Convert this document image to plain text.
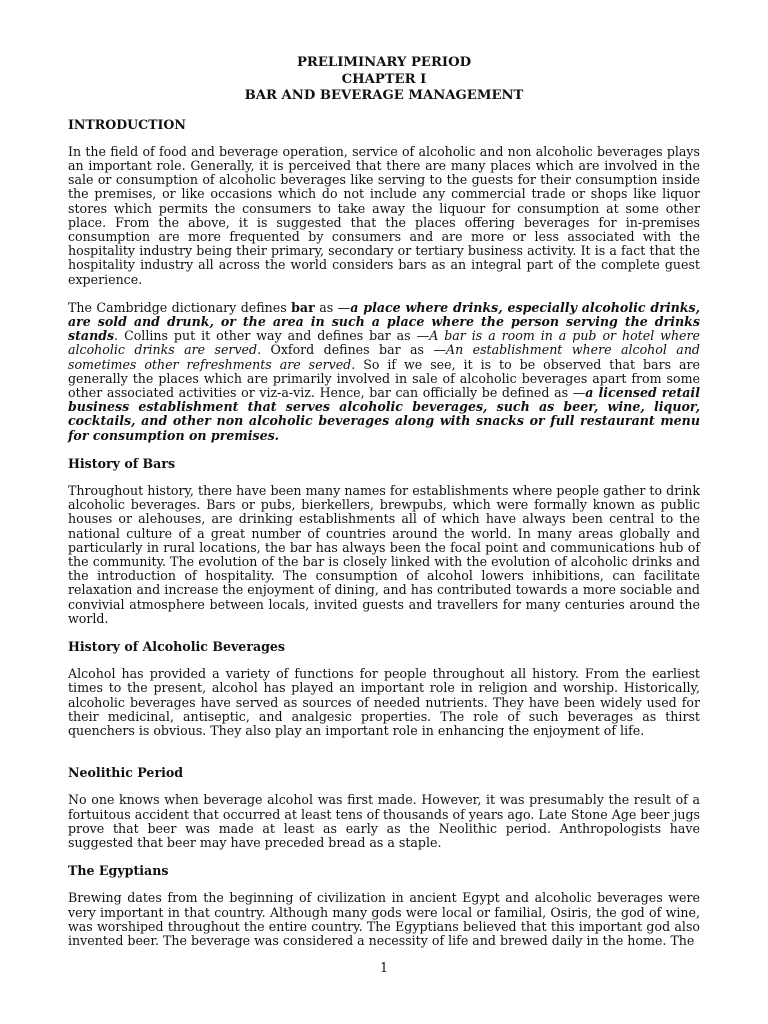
PRELIMINARY PERIOD
CHAPTER I
BAR AND BEVERAGE MANAGEMENT
INTRODUCTION

In the field of food and beverage operation, service of alcoholic and non alcoholic beverages plays an important role. Generally, it is perceived that there are many places which are involved in the sale or consumption of alcoholic beverages like serving to the guests for their consumption inside the premises, or like occasions which do not include any commercial trade or shops like liquor stores which permits the consumers to take away the liquour for consumption at some other place. From the above, it is suggested that the places offering beverages for in-premises consumption are more frequented by consumers and are more or less associated with the hospitality industry being their primary, secondary or tertiary business activity. It is a fact that the hospitality industry all across the world considers bars as an integral part of the complete guest experience.

The Cambridge dictionary defines bar as —a place where drinks, especially alcoholic drinks, are sold and drunk, or the area in such a place where the person serving the drinks stands. Collins put it other way and defines bar as —A bar is a room in a pub or hotel where alcoholic drinks are served. Oxford defines bar as —An establishment where alcohol and sometimes other refreshments are served. So if we see, it is to be observed that bars are generally the places which are primarily involved in sale of alcoholic beverages apart from some other associated activities or viz-a-viz. Hence, bar can officially be defined as —a licensed retail business establishment that serves alcoholic beverages, such as beer, wine, liquor, cocktails, and other non alcoholic beverages along with snacks or full restaurant menu for consumption on premises.

History of Bars

Throughout history, there have been many names for establishments where people gather to drink alcoholic beverages. Bars or pubs, bierkellers, brewpubs, which were formally known as public houses or alehouses, are drinking establishments all of which have always been central to the national culture of a great number of countries around the world. In many areas globally and particularly in rural locations, the bar has always been the focal point and communications hub of the community. The evolution of the bar is closely linked with the evolution of alcoholic drinks and the introduction of hospitality. The consumption of alcohol lowers inhibitions, can facilitate relaxation and increase the enjoyment of dining, and has contributed towards a more sociable and convivial atmosphere between locals, invited guests and travellers for many centuries around the world.

History of Alcoholic Beverages

Alcohol has provided a variety of functions for people throughout all history. From the earliest times to the present, alcohol has played an important role in religion and worship. Historically, alcoholic beverages have served as sources of needed nutrients. They have been widely used for their medicinal, antiseptic, and analgesic properties. The role of such beverages as thirst quenchers is obvious. They also play an important role in enhancing the enjoyment of life.

Neolithic Period

No one knows when beverage alcohol was first made. However, it was presumably the result of a fortuitous accident that occurred at least tens of thousands of years ago. Late Stone Age beer jugs prove that beer was made at least as early as the Neolithic period. Anthropologists have suggested that beer may have preceded bread as a staple.

The Egyptians

Brewing dates from the beginning of civilization in ancient Egypt and alcoholic beverages were very important in that country. Although many gods were local or familial, Osiris, the god of wine, was worshiped throughout the entire country. The Egyptians believed that this important god also invented beer. The beverage was considered a necessity of life and brewed daily in the home. The

1
